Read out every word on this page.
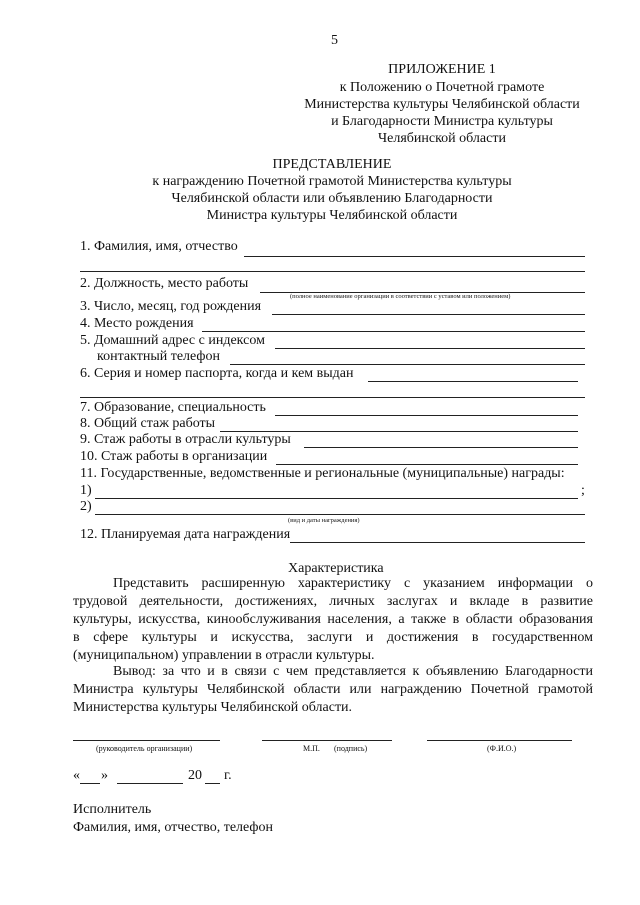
5
ПРИЛОЖЕНИЕ 1
к Положению о Почетной грамоте
Министерства культуры Челябинской области
и Благодарности Министра культуры
Челябинской области
ПРЕДСТАВЛЕНИЕ
к награждению Почетной грамотой Министерства культуры
Челябинской области или объявлению Благодарности
Министра культуры Челябинской области
1. Фамилия, имя, отчество
2. Должность, место работы
(полное наименование организации в соответствии с уставом или положением)
3. Число, месяц, год рождения
4. Место рождения
5. Домашний адрес с индексом
контактный телефон
6. Серия и номер паспорта, когда и кем выдан
7. Образование, специальность
8. Общий стаж работы
9. Стаж работы в отрасли культуры
10. Стаж работы в организации
11. Государственные, ведомственные и региональные (муниципальные) награды:
1)	;
2)
(вид и даты награждения)
12. Планируемая дата награждения
Характеристика
Представить расширенную характеристику с указанием информации о
трудовой деятельности, достижениях, личных заслугах и вкладе в развитие
культуры, искусства, кинообслуживания населения, а также в области образования
в сфере культуры и искусства, заслуги и достижения в государственном
(муниципальном) управлении в отрасли культуры.
Вывод: за что и в связи с чем представляется к объявлению Благодарности
Министра культуры Челябинской области или награждению Почетной грамотой
Министерства культуры Челябинской области.
(руководитель организации)	М.П. (подпись)	(Ф.И.О.)
« »	20 г.
Исполнитель
Фамилия, имя, отчество, телефон
